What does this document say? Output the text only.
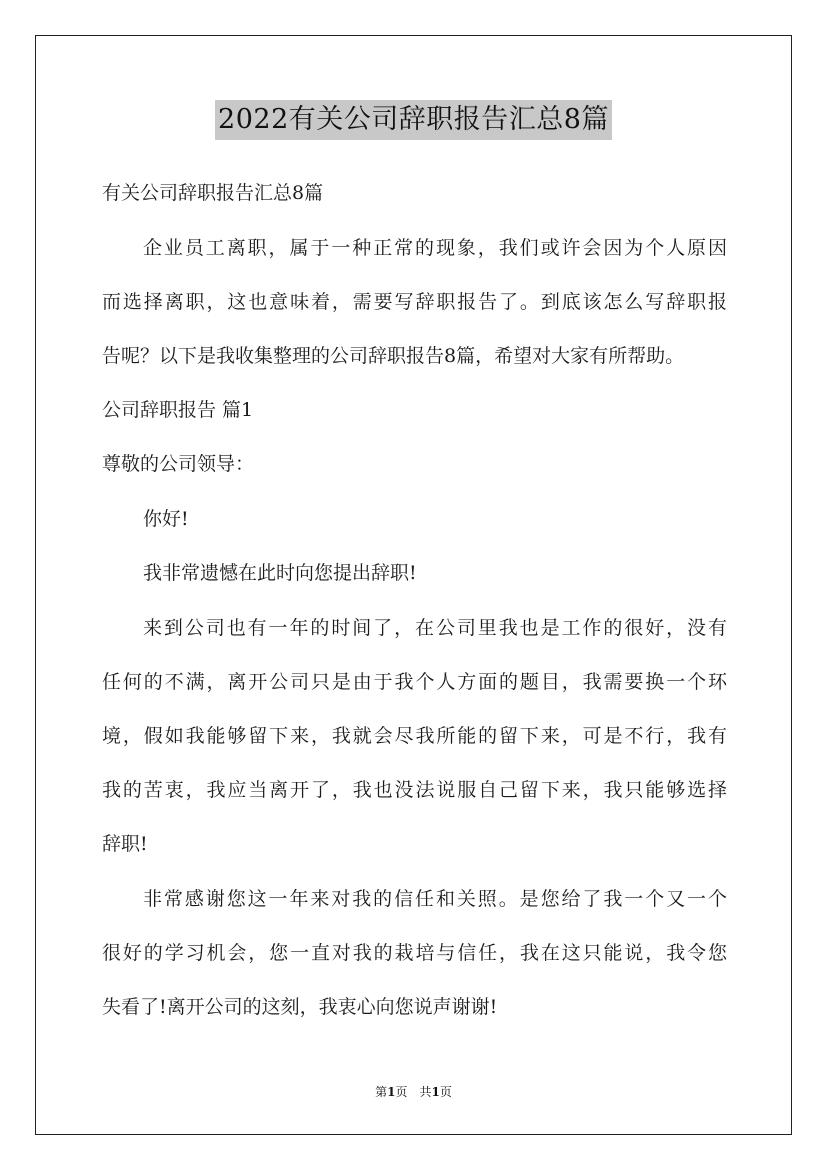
2022有关公司辞职报告汇总8篇
有关公司辞职报告汇总8篇
企业员工离职，属于一种正常的现象，我们或许会因为个人原因
而选择离职，这也意味着，需要写辞职报告了。到底该怎么写辞职报
告呢？以下是我收集整理的公司辞职报告8篇，希望对大家有所帮助。
公司辞职报告 篇1
尊敬的公司领导：
你好!
我非常遗憾在此时向您提出辞职!
来到公司也有一年的时间了，在公司里我也是工作的很好，没有
任何的不满，离开公司只是由于我个人方面的题目，我需要换一个环
境，假如我能够留下来，我就会尽我所能的留下来，可是不行，我有
我的苦衷，我应当离开了，我也没法说服自己留下来，我只能够选择
辞职!
非常感谢您这一年来对我的信任和关照。是您给了我一个又一个
很好的学习机会，您一直对我的栽培与信任，我在这只能说，我令您
失看了!离开公司的这刻，我衷心向您说声谢谢!
第1页　共1页
